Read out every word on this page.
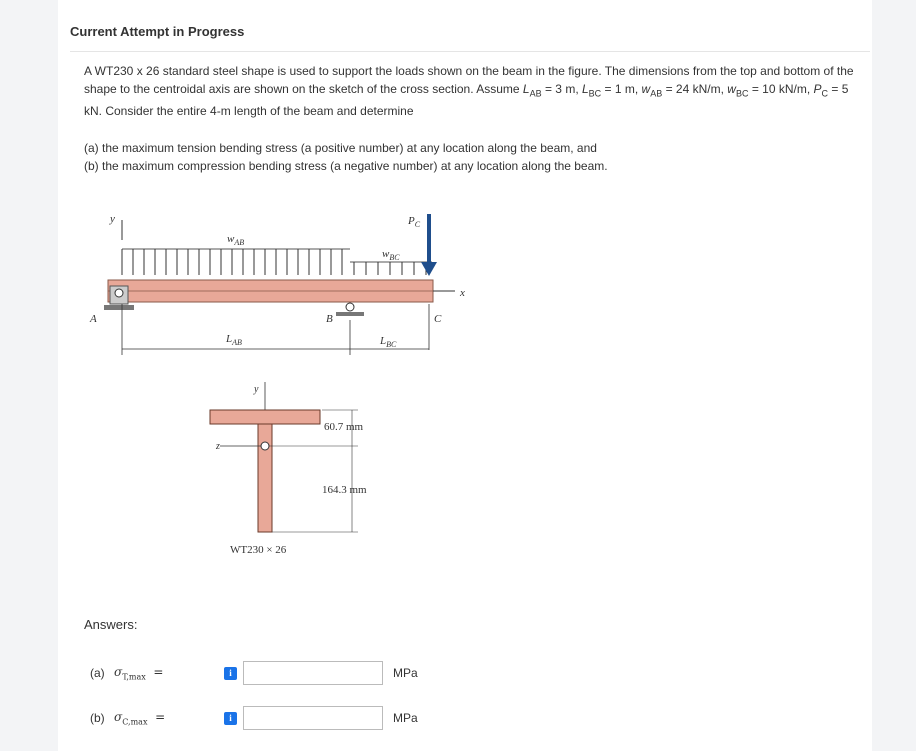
Current Attempt in Progress

A WT230 x 26 standard steel shape is used to support the loads shown on the beam in the figure. The dimensions from the top and bottom of the shape to the centroidal axis are shown on the sketch of the cross section. Assume $L_{AB} = 3$ m, $L_{BC} = 1$ m, $w_{AB} = 24$ kN/m, $w_{BC} = 10$ kN/m, $P_C = 5$ kN. Consider the entire 4-m length of the beam and determine

(a) the maximum tension bending stress (a positive number) at any location along the beam, and

(b) the maximum compression bending stress (a negative number) at any location along the beam.

y
$w_{AB}$
$w_{BC}$
$P_C$
x
A	B	C
$L_{AB}$	$L_{BC}$
y
z
60.7 mm
164.3 mm
WT230 × 26
Answers:
(a) $\sigma_{T,max}$ =	i	MPa
(b) $\sigma_{C,max}$ =	i	MPa
